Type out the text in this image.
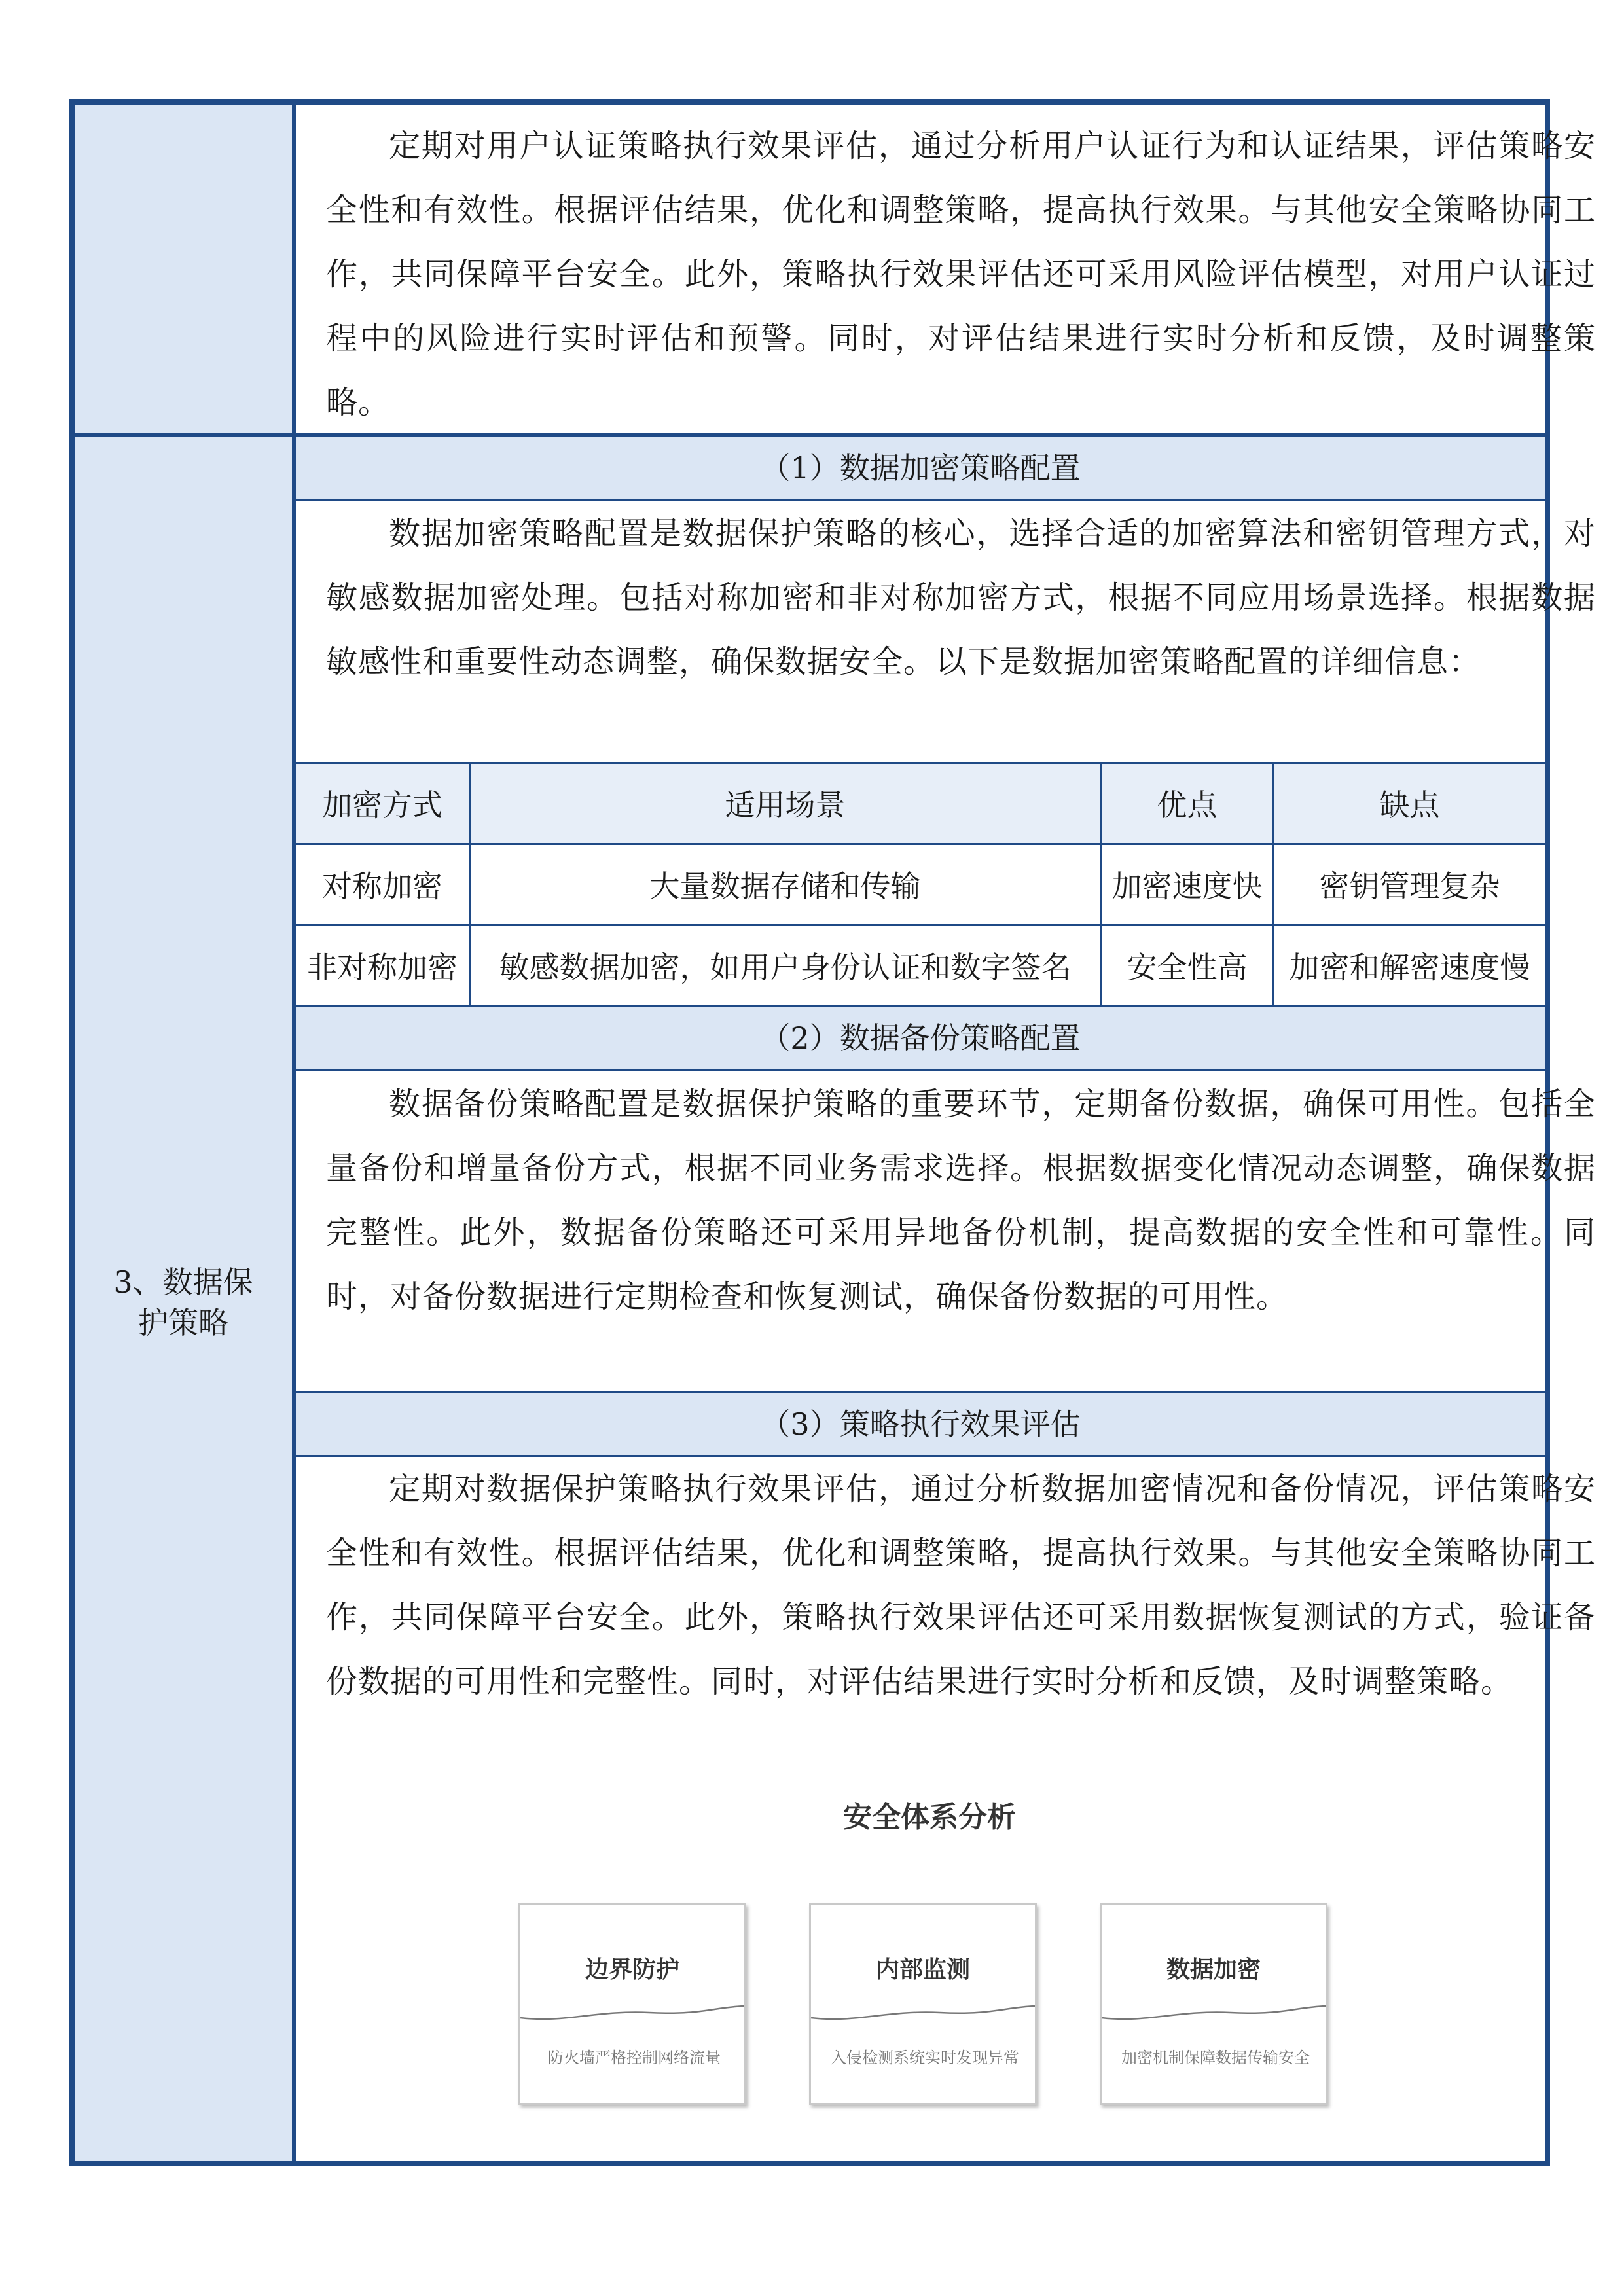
3、数据保
护策略

定期对用户认证策略执行效果评估，通过分析用户认证行为和认证结果，评估策略安全性和有效性。根据评估结果，优化和调整策略，提高执行效果。与其他安全策略协同工作，共同保障平台安全。此外，策略执行效果评估还可采用风险评估模型，对用户认证过程中的风险进行实时评估和预警。同时，对评估结果进行实时分析和反馈，及时调整策略。

（1）数据加密策略配置

数据加密策略配置是数据保护策略的核心，选择合适的加密算法和密钥管理方式，对敏感数据加密处理。包括对称加密和非对称加密方式，根据不同应用场景选择。根据数据敏感性和重要性动态调整，确保数据安全。以下是数据加密策略配置的详细信息：

加密方式	适用场景	优点	缺点
对称加密	大量数据存储和传输	加密速度快	密钥管理复杂
非对称加密	敏感数据加密，如用户身份认证和数字签名	安全性高	加密和解密速度慢
（2）数据备份策略配置

数据备份策略配置是数据保护策略的重要环节，定期备份数据，确保可用性。包括全量备份和增量备份方式，根据不同业务需求选择。根据数据变化情况动态调整，确保数据完整性。此外，数据备份策略还可采用异地备份机制，提高数据的安全性和可靠性。同时，对备份数据进行定期检查和恢复测试，确保备份数据的可用性。

（3）策略执行效果评估

定期对数据保护策略执行效果评估，通过分析数据加密情况和备份情况，评估策略安全性和有效性。根据评估结果，优化和调整策略，提高执行效果。与其他安全策略协同工作，共同保障平台安全。此外，策略执行效果评估还可采用数据恢复测试的方式，验证备份数据的可用性和完整性。同时，对评估结果进行实时分析和反馈，及时调整策略。

安全体系分析
边界防护
防火墙严格控制网络流量
内部监测
入侵检测系统实时发现异常
数据加密
加密机制保障数据传输安全
